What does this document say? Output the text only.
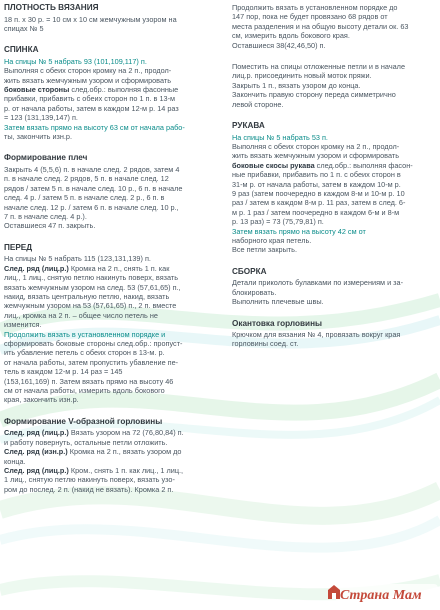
ПЛОТНОСТЬ ВЯЗАНИЯ
18 п. х 30 р. = 10 см х 10 см жемчужным узором на
спицах № 5
СПИНКА
На спицы № 5 набрать 93 (101,109,117) п.
Выполняя с обеих сторон кромку на 2 п., продол-
жить вязать жемчужным узором и сформировать
боковые стороны след.обр.: выполняя фасонные
прибавки, прибавить с обеих сторон по 1 п. в 13-м
р. от начала работы, затем в каждом 12-м р. 14 раз
= 123 (131,139,147) п.
Затем вязать прямо на высоту 63 см от начала рабо-
ты, закончить изн.р.
Формирование плеч
Закрыть 4 (5,5,6) п. в начале след. 2 рядов, затем 4
п. в начале след. 2 рядов, 5 п. в начале след. 12
рядов / затем 5 п. в начале след. 10 р., 6 п. в начале
след. 4 р. / затем 5 п. в начале след. 2 р., 6 п. в
начале след. 12 р. / затем 6 п. в начале след. 10 р.,
7 п. в начале след. 4 р.).
Оставшиеся 47 п. закрыть.
ПЕРЕД
На спицы № 5 набрать 115 (123,131,139) п.
След. ряд (лиц.р.) Кромка на 2 п., снять 1 п. как
лиц., 1 лиц., снятую петлю накинуть поверх, вязать
вязать жемчужным узором на след. 53 (57,61,65) п.,
накид, вязать центральную петлю, накид, вязать
жемчужным узором на 53 (57,61,65) п., 2 п. вместе
лиц., кромка на 2 п. – общее число петель не
изменится.
Продолжить вязать в установленном порядке и
сформировать боковые стороны след.обр.: пропуст-
ить убавление петель с обеих сторон в 13-м. р.
от начала работы, затем пропустить убавление пе-
тель в каждом 12-м р. 14 раз = 145
(153,161,169) п. Затем вязать прямо на высоту 46
см от начала работы, измерить вдоль бокового
края, закончить изн.р.
Формирование V-образной горловины
След. ряд (лиц.р.) Вязать узором на 72 (76,80,84) п.
и работу повернуть, остальные петли отложить.
След. ряд (изн.р.) Кромка на 2 п., вязать узором до
конца.
След. ряд (лиц.р.) Кром., снять 1 п. как лиц., 1 лиц.,
1 лиц., снятую петлю накинуть поверх, вязать узо-
ром до послед. 2 п. (накид не вязать). Кромка 2 п.
Продолжить вязать в установленном порядке до
147 пор, пока не будет провязано 68 рядов от
места разделения и на общую высоту детали ок. 63
см, измерить вдоль бокового края.
Оставшиеся 38(42,46,50) п.
Поместить на спицы отложенные петли и в начале
лиц.р. присоединить новый моток пряжи.
Закрыть 1 п., вязать узором до конца.
Закончить правую сторону переда симметрично
левой стороне.
РУКАВА
На спицы № 5 набрать 53 п.
Выполняя с обеих сторон кромку на 2 п., продол-
жить вязать жемчужным узором и сформировать
боковые скосы рукава след.обр.: выполняя фасон-
ные прибавки, прибавить по 1 п. с обеих сторон в
31-м р. от начала работы, затем в каждом 10-м р.
9 раз (затем поочередно в каждом 8-м и 10-м р. 10
раз / затем в каждом 8-м р. 11 раз, затем в след. 6-
м р. 1 раз / затем поочередно в каждом 6-м и 8-м
р. 13 раз) = 73 (75,79,81) п.
Затем вязать прямо на высоту 42 см от
наборного края петель.
Все петли закрыть.
СБОРКА
Детали приколоть булавками по измерениям и за-
блокировать.
Выполнить плечевые швы.
Окантовка горловины
Крючком для вязания № 4, провязать вокруг края
горловины соед. ст.
Страна Мам
